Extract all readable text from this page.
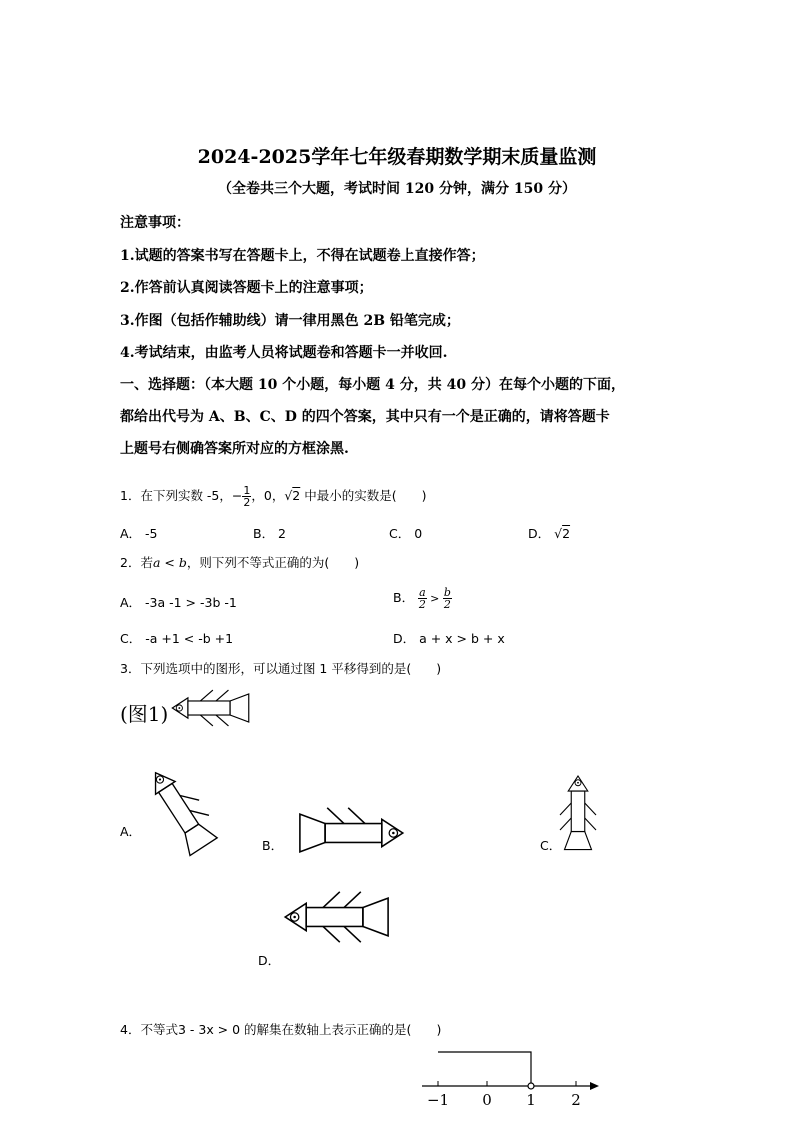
2024-2025学年七年级春期数学期末质量监测
（全卷共三个大题，考试时间 120 分钟，满分 150 分）
注意事项：
1.试题的答案书写在答题卡上，不得在试题卷上直接作答；
2.作答前认真阅读答题卡上的注意事项；
3.作图（包括作辅助线）请一律用黑色 2B 铅笔完成；
4.考试结束，由监考人员将试题卷和答题卡一并收回.
一、选择题：（本大题 10 个小题，每小题 4 分，共 40 分）在每个小题的下面，
都给出代号为 A、B、C、D 的四个答案，其中只有一个是正确的，请将答题卡
上题号右侧确答案所对应的方框涂黑.
1．在下列实数 -5，− $\frac{1}{2}$ ，0，√2 中最小的实数是(　　)
A． -5	B． 2	C． 0	D． √2
2．若a < b，则下列不等式正确的为(　　)
A． -3a -1 > -3b -1	B． $\frac{a}{2} > \frac{b}{2}$
C． -a +1 < -b +1	D． a + x > b + x
3．下列选项中的图形，可以通过图 1 平移得到的是(　　)
(图1)
−1 0 1 2
A．
B．	C．
D．
4．不等式3 - 3x > 0 的解集在数轴上表示正确的是(　　)
